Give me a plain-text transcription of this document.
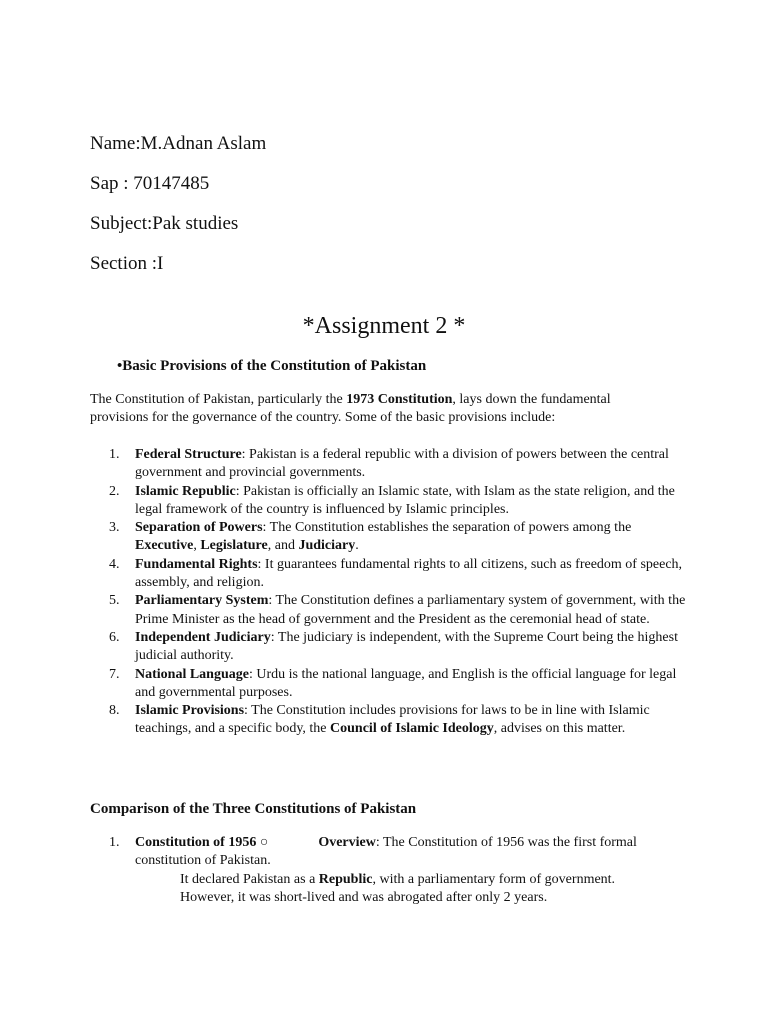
Name:M.Adnan Aslam
Sap : 70147485
Subject:Pak studies
Section :I
*Assignment 2 *
•Basic Provisions of the Constitution of Pakistan
The Constitution of Pakistan, particularly the 1973 Constitution, lays down the fundamental provisions for the governance of the country. Some of the basic provisions include:
1. Federal Structure: Pakistan is a federal republic with a division of powers between the central government and provincial governments.
2. Islamic Republic: Pakistan is officially an Islamic state, with Islam as the state religion, and the legal framework of the country is influenced by Islamic principles.
3. Separation of Powers: The Constitution establishes the separation of powers among the Executive, Legislature, and Judiciary.
4. Fundamental Rights: It guarantees fundamental rights to all citizens, such as freedom of speech, assembly, and religion.
5. Parliamentary System: The Constitution defines a parliamentary system of government, with the Prime Minister as the head of government and the President as the ceremonial head of state.
6. Independent Judiciary: The judiciary is independent, with the Supreme Court being the highest judicial authority.
7. National Language: Urdu is the national language, and English is the official language for legal and governmental purposes.
8. Islamic Provisions: The Constitution includes provisions for laws to be in line with Islamic teachings, and a specific body, the Council of Islamic Ideology, advises on this matter.
Comparison of the Three Constitutions of Pakistan
1. Constitution of 1956 ○	Overview: The Constitution of 1956 was the first formal constitution of Pakistan.
It declared Pakistan as a Republic, with a parliamentary form of government. However, it was short-lived and was abrogated after only 2 years.
